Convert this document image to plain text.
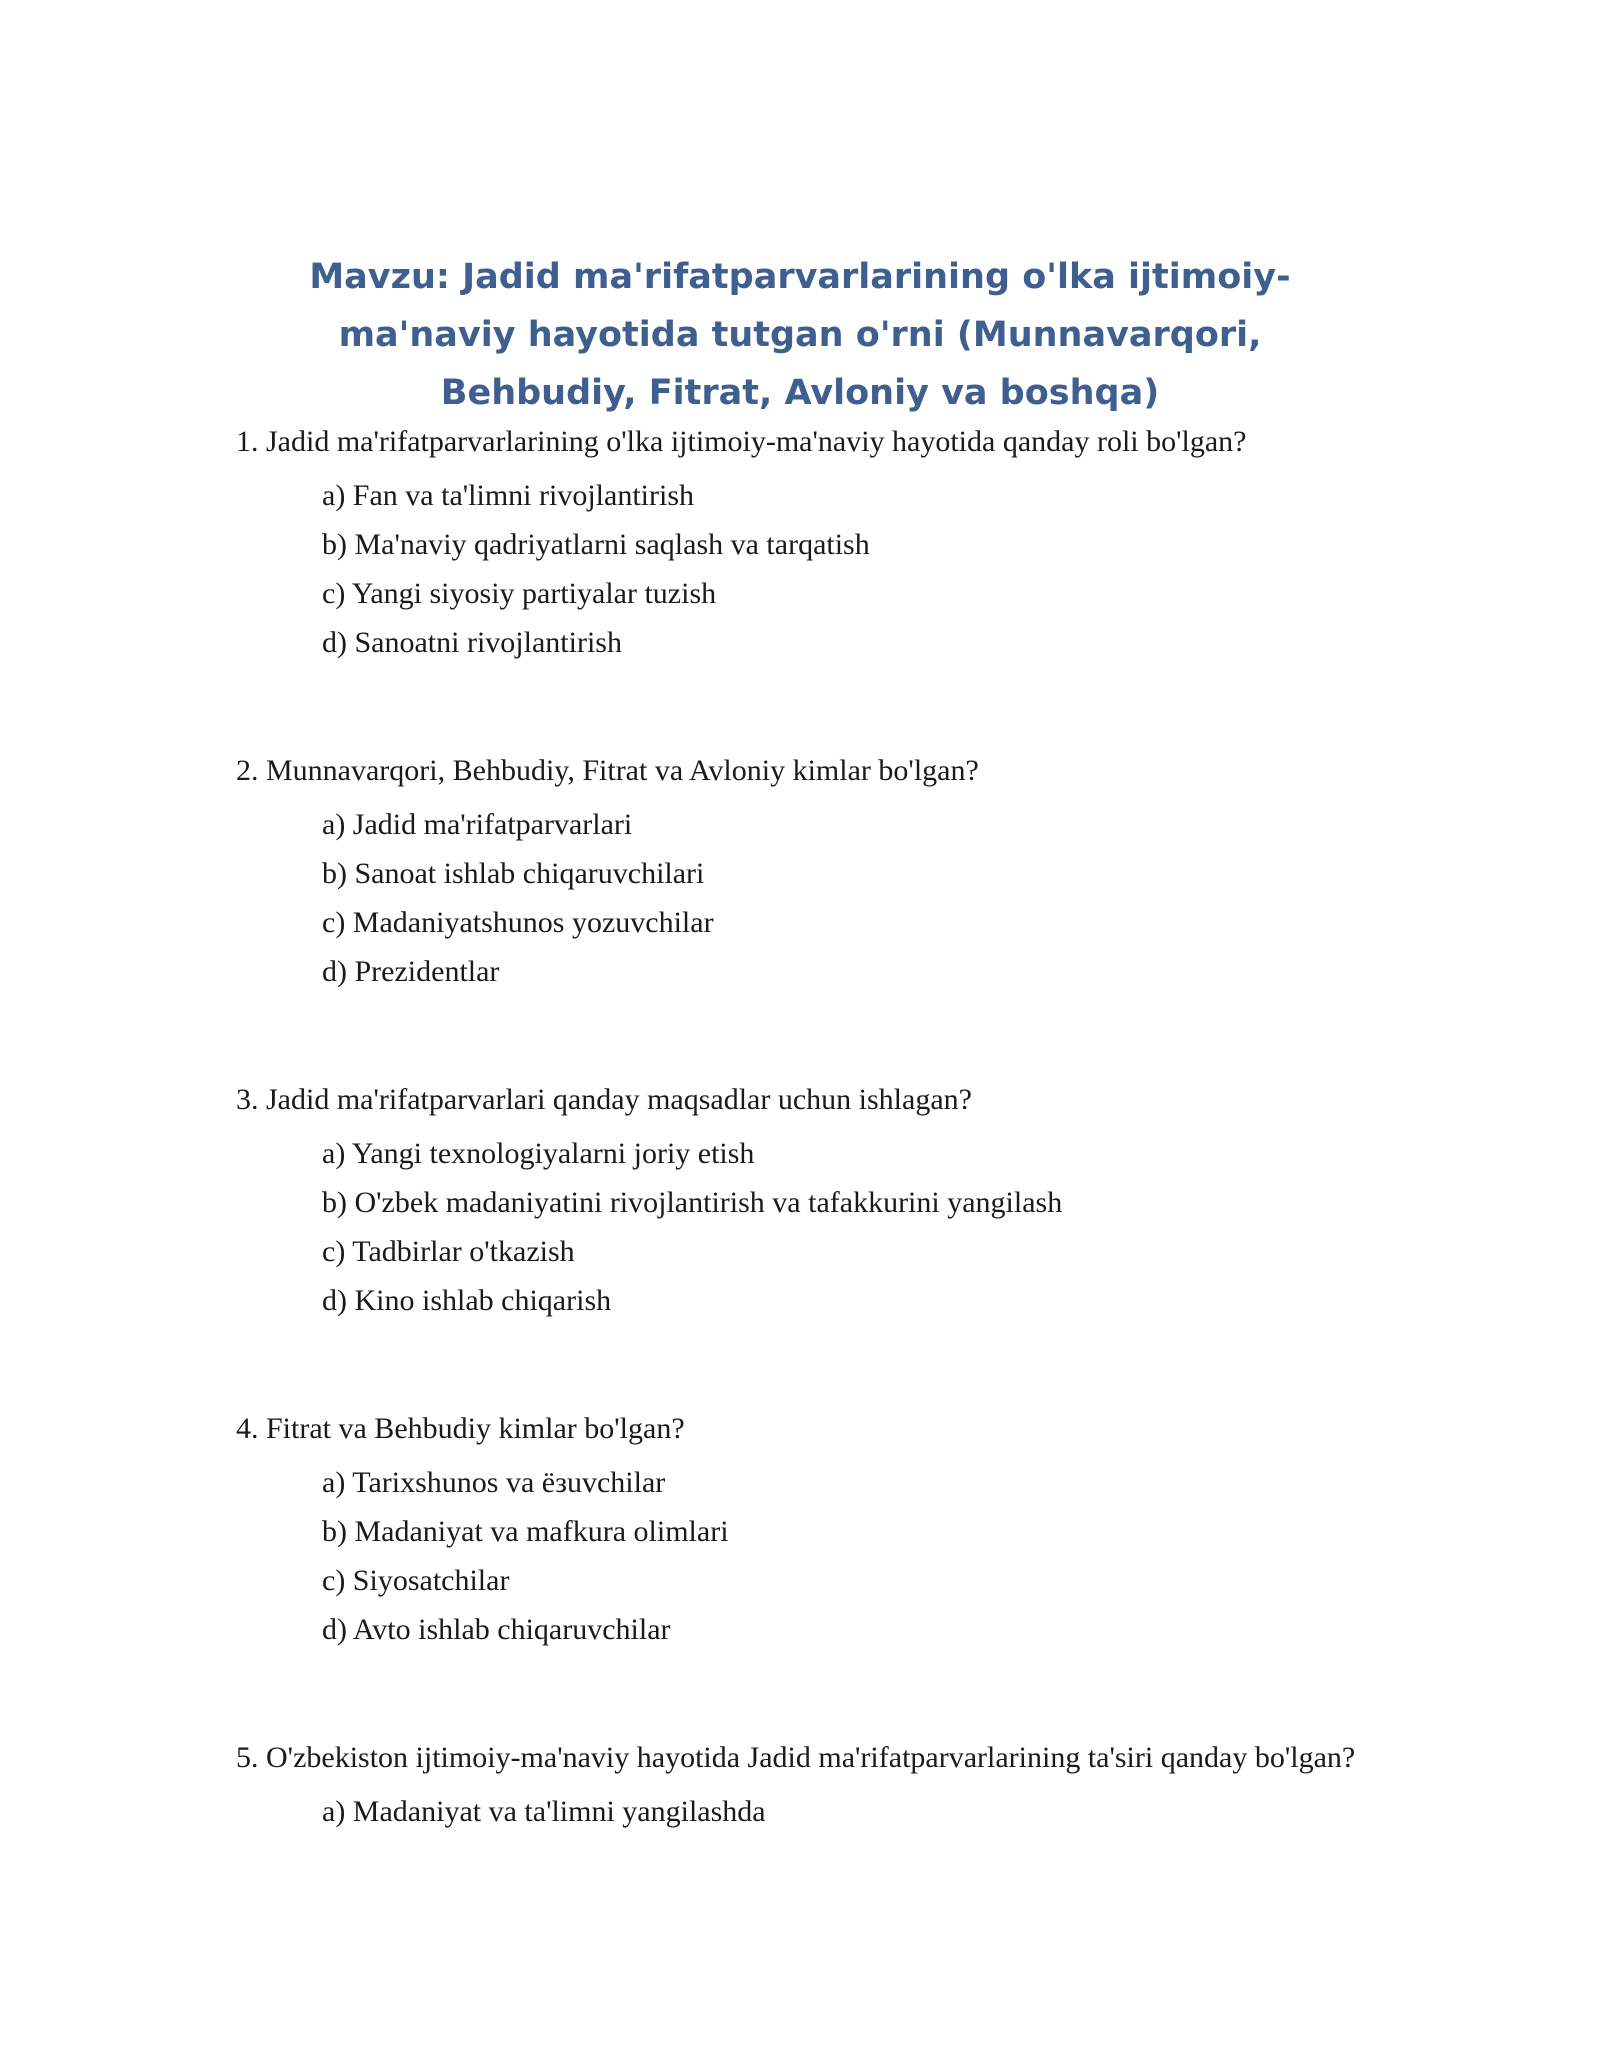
Mavzu: Jadid ma'rifatparvarlarining o'lka ijtimoiy-ma'naviy hayotida tutgan o'rni (Munnavarqori, Behbudiy, Fitrat, Avloniy va boshqa)

1. Jadid ma'rifatparvarlarining o'lka ijtimoiy-ma'naviy hayotida qanday roli bo'lgan?

a) Fan va ta'limni rivojlantirish
b) Ma'naviy qadriyatlarni saqlash va tarqatish
c) Yangi siyosiy partiyalar tuzish
d) Sanoatni rivojlantirish

2. Munnavarqori, Behbudiy, Fitrat va Avloniy kimlar bo'lgan?

a) Jadid ma'rifatparvarlari
b) Sanoat ishlab chiqaruvchilari
c) Madaniyatshunos yozuvchilar
d) Prezidentlar

3. Jadid ma'rifatparvarlari qanday maqsadlar uchun ishlagan?

a) Yangi texnologiyalarni joriy etish
b) O'zbek madaniyatini rivojlantirish va tafakkurini yangilash
c) Tadbirlar o'tkazish
d) Kino ishlab chiqarish

4. Fitrat va Behbudiy kimlar bo'lgan?

a) Tarixshunos va ёзuvchilar
b) Madaniyat va mafkura olimlari
c) Siyosatchilar
d) Avto ishlab chiqaruvchilar

5. O'zbekiston ijtimoiy-ma'naviy hayotida Jadid ma'rifatparvarlarining ta'siri qanday bo'lgan?

a) Madaniyat va ta'limni yangilashda
